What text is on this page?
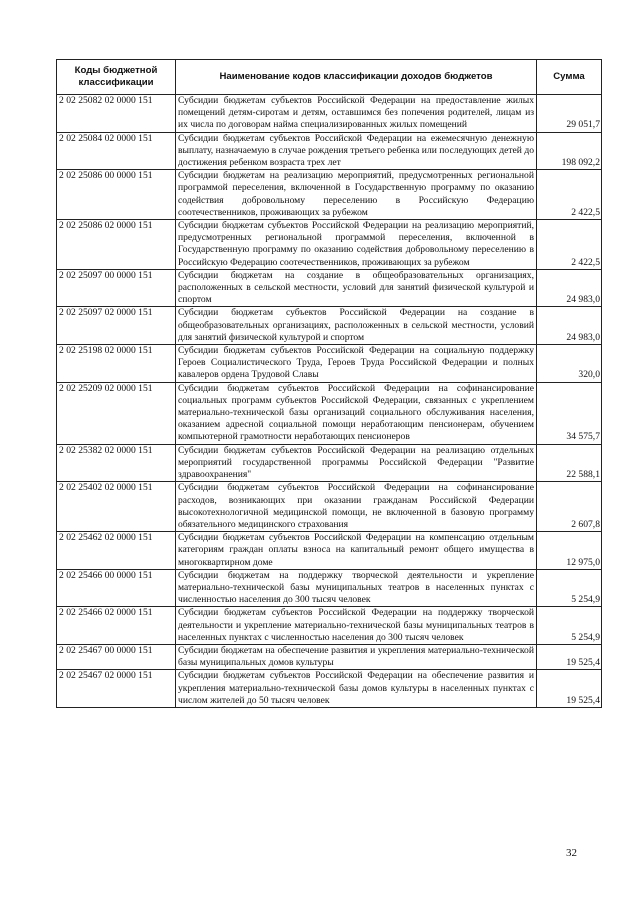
Коды бюджетной классификации	Наименование кодов классификации доходов бюджетов	Сумма
2 02 25082 02 0000 151	Субсидии бюджетам субъектов Российской Федерации на предоставление жилых помещений детям-сиротам и детям, оставшимся без попечения родителей, лицам из их числа по договорам найма специализированных жилых помещений	29 051,7
2 02 25084 02 0000 151	Субсидии бюджетам субъектов Российской Федерации на ежемесячную денежную выплату, назначаемую в случае рождения третьего ребенка или последующих детей до достижения ребенком возраста трех лет	198 092,2
2 02 25086 00 0000 151	Субсидии бюджетам на реализацию мероприятий, предусмотренных региональной программой переселения, включенной в Государственную программу по оказанию содействия добровольному переселению в Российскую Федерацию соотечественников, проживающих за рубежом	2 422,5
2 02 25086 02 0000 151	Субсидии бюджетам субъектов Российской Федерации на реализацию мероприятий, предусмотренных региональной программой переселения, включенной в Государственную программу по оказанию содействия добровольному переселению в Российскую Федерацию соотечественников, проживающих за рубежом	2 422,5
2 02 25097 00 0000 151	Субсидии бюджетам на создание в общеобразовательных организациях, расположенных в сельской местности, условий для занятий физической культурой и спортом	24 983,0
2 02 25097 02 0000 151	Субсидии бюджетам субъектов Российской Федерации на создание в общеобразовательных организациях, расположенных в сельской местности, условий для занятий физической культурой и спортом	24 983,0
2 02 25198 02 0000 151	Субсидии бюджетам субъектов Российской Федерации на социальную поддержку Героев Социалистического Труда, Героев Труда Российской Федерации и полных кавалеров ордена Трудовой Славы	320,0
2 02 25209 02 0000 151	Субсидии бюджетам субъектов Российской Федерации на софинансирование социальных программ субъектов Российской Федерации, связанных с укреплением материально-технической базы организаций социального обслуживания населения, оказанием адресной социальной помощи неработающим пенсионерам, обучением компьютерной грамотности неработающих пенсионеров	34 575,7
2 02 25382 02 0000 151	Субсидии бюджетам субъектов Российской Федерации на реализацию отдельных мероприятий государственной программы Российской Федерации "Развитие здравоохранения"	22 588,1
2 02 25402 02 0000 151	Субсидии бюджетам субъектов Российской Федерации на софинансирование расходов, возникающих при оказании гражданам Российской Федерации высокотехнологичной медицинской помощи, не включенной в базовую программу обязательного медицинского страхования	2 607,8
2 02 25462 02 0000 151	Субсидии бюджетам субъектов Российской Федерации на компенсацию отдельным категориям граждан оплаты взноса на капитальный ремонт общего имущества в многоквартирном доме	12 975,0
2 02 25466 00 0000 151	Субсидии бюджетам на поддержку творческой деятельности и укрепление материально-технической базы муниципальных театров в населенных пунктах с численностью населения до 300 тысяч человек	5 254,9
2 02 25466 02 0000 151	Субсидии бюджетам субъектов Российской Федерации на поддержку творческой деятельности и укрепление материально-технической базы муниципальных театров в населенных пунктах с численностью населения до 300 тысяч человек	5 254,9
2 02 25467 00 0000 151	Субсидии бюджетам на обеспечение развития и укрепления материально-технической базы муниципальных домов культуры	19 525,4
2 02 25467 02 0000 151	Субсидии бюджетам субъектов Российской Федерации на обеспечение развития и укрепления материально-технической базы домов культуры в населенных пунктах с числом жителей до 50 тысяч человек	19 525,4
32
